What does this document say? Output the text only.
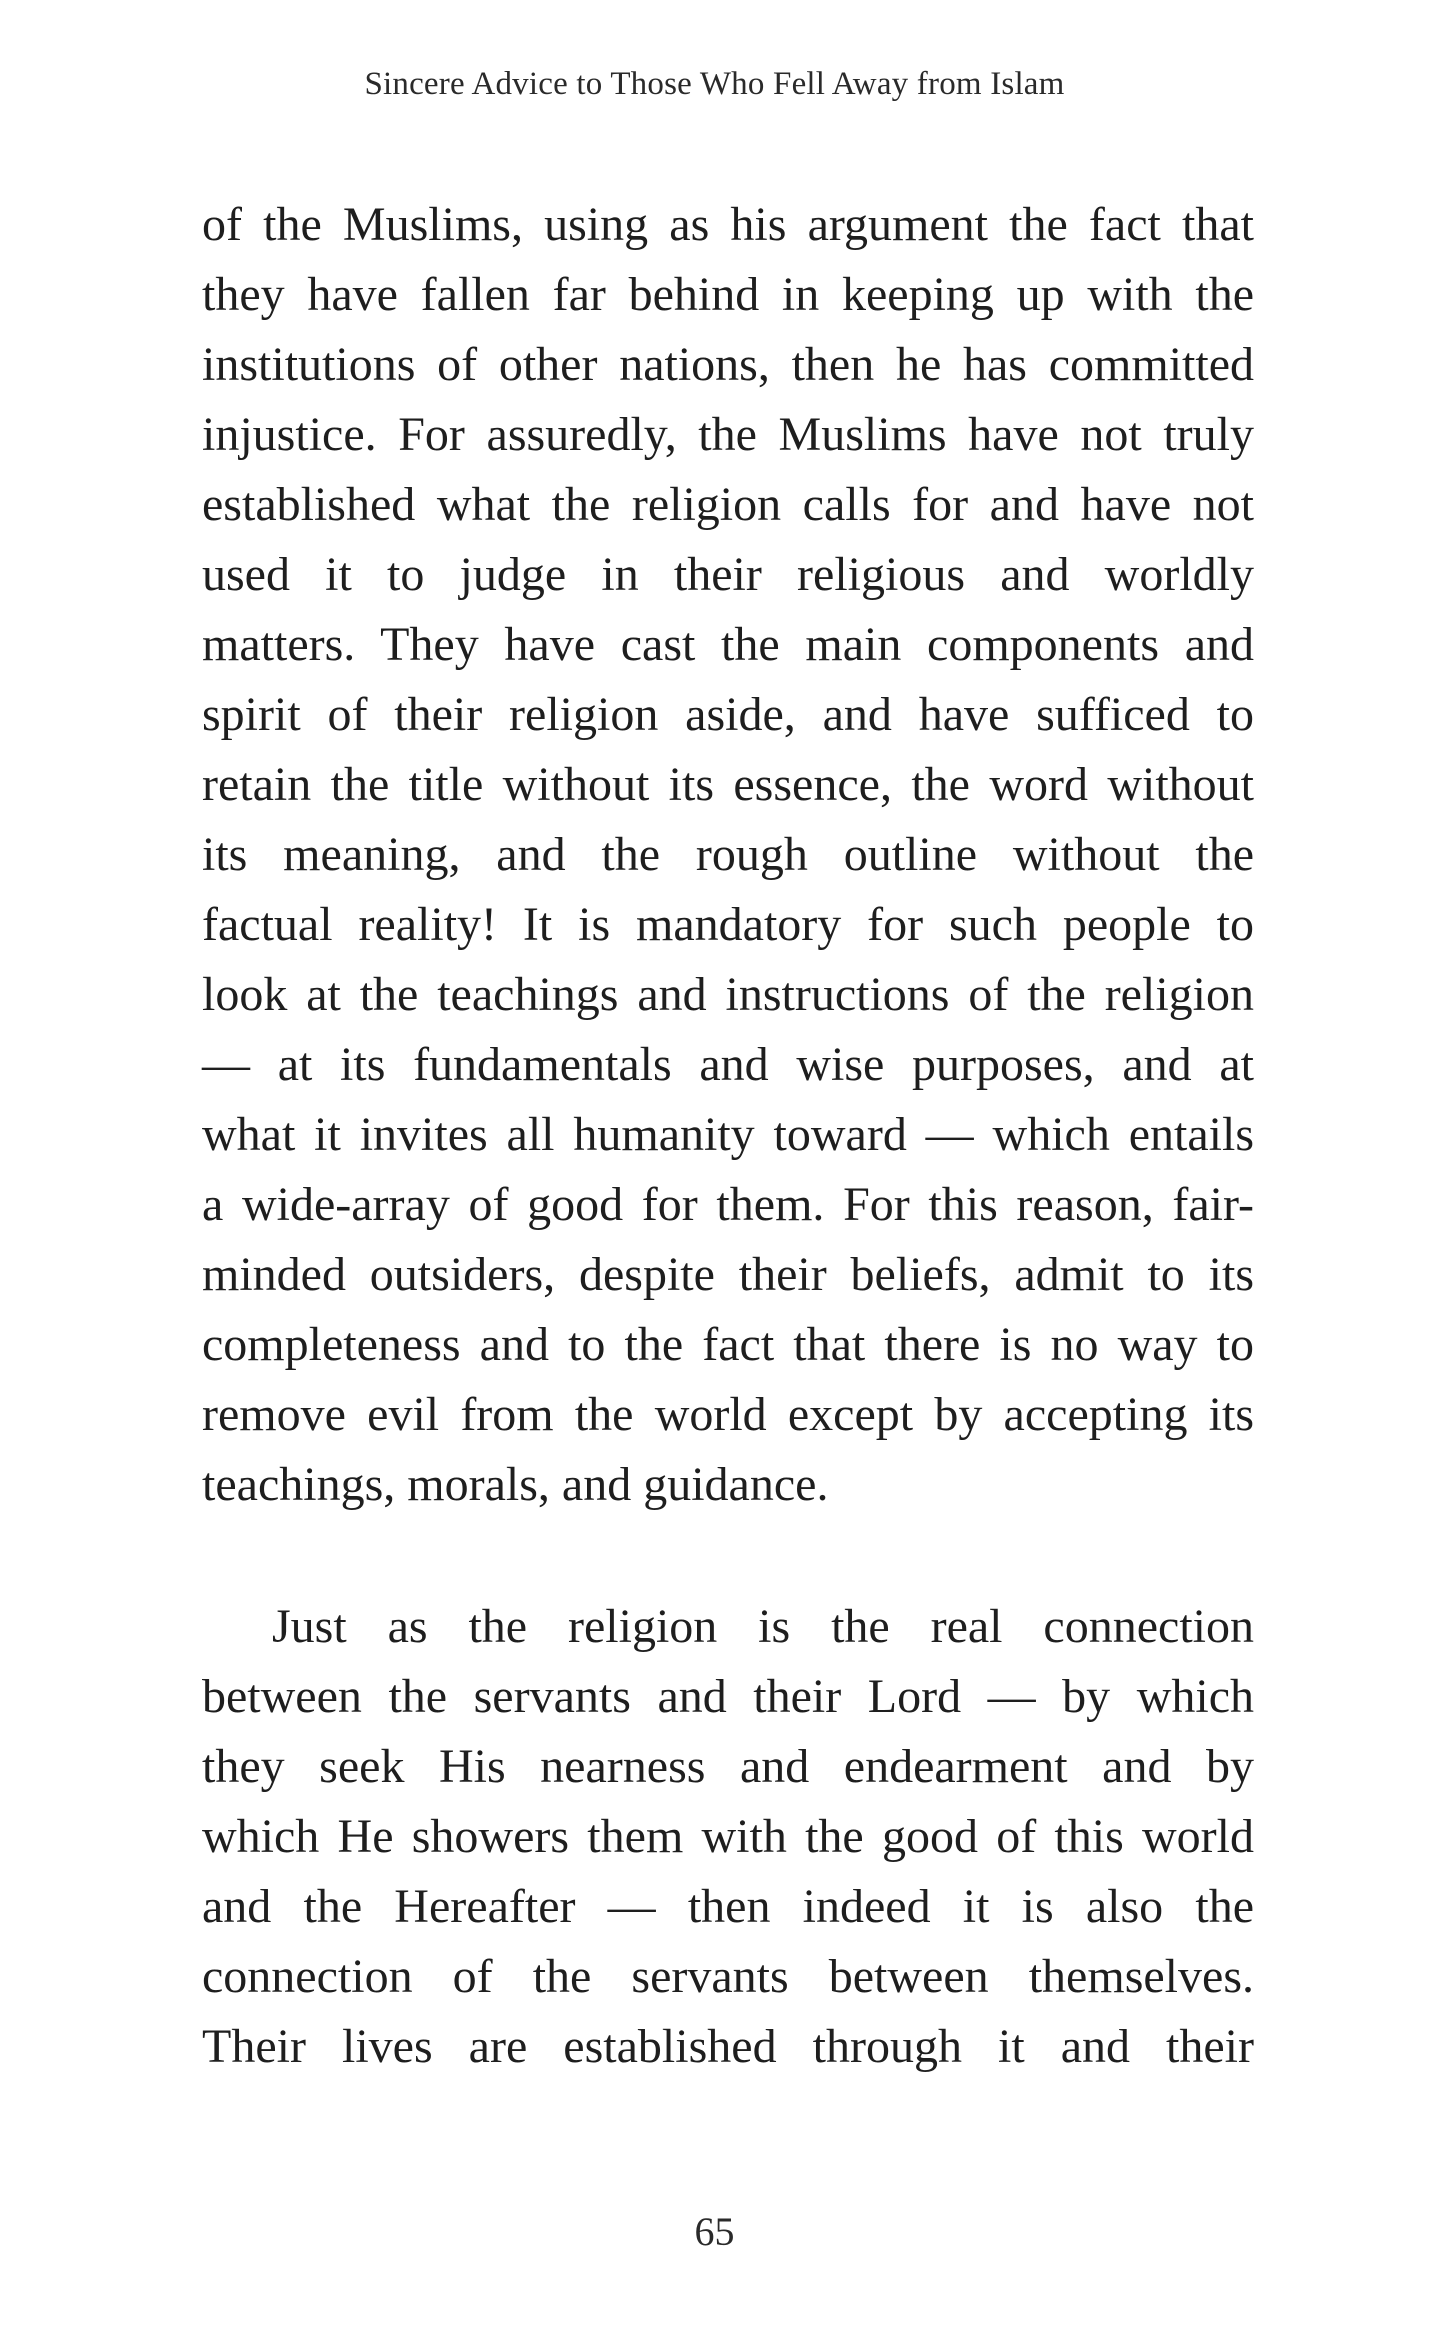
Sincere Advice to Those Who Fell Away from Islam
of the Muslims, using as his argument the fact that
they have fallen far behind in keeping up with the
institutions of other nations, then he has committed
injustice. For assuredly, the Muslims have not truly
established what the religion calls for and have not
used it to judge in their religious and worldly
matters. They have cast the main components and
spirit of their religion aside, and have sufficed to
retain the title without its essence, the word without
its meaning, and the rough outline without the
factual reality! It is mandatory for such people to
look at the teachings and instructions of the religion
— at its fundamentals and wise purposes, and at
what it invites all humanity toward — which entails
a wide-array of good for them. For this reason, fair-
minded outsiders, despite their beliefs, admit to its
completeness and to the fact that there is no way to
remove evil from the world except by accepting its
teachings, morals, and guidance.
Just as the religion is the real connection
between the servants and their Lord — by which
they seek His nearness and endearment and by
which He showers them with the good of this world
and the Hereafter — then indeed it is also the
connection of the servants between themselves.
Their lives are established through it and their
65
